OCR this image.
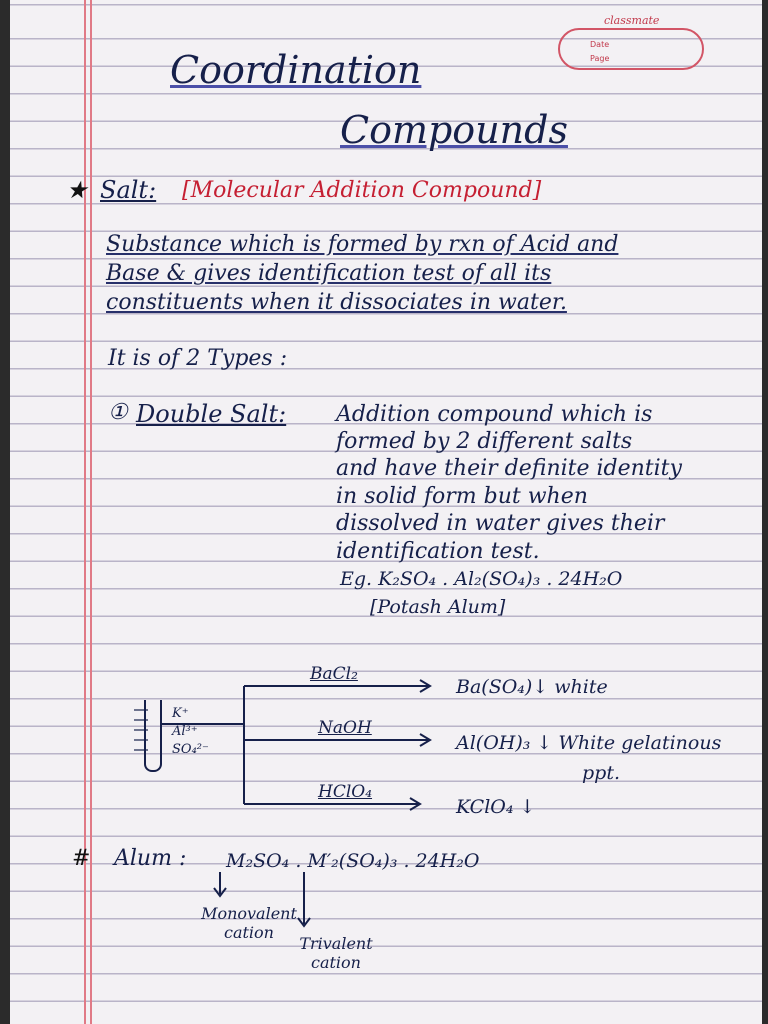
classmate
Date
Page
Coordination
Compounds
★ Salt: [Molecular Addition Compound]
Substance which is formed by rxn of Acid and
Base & gives identification test of all its
constituents when it dissociates in water.
It is of 2 Types :
① Double Salt: Addition compound which is
formed by 2 different salts
and have their definite identity
in solid form but when
dissolved in water gives their
identification test.
Eg. K₂SO₄ . Al₂(SO₄)₃ . 24H₂O
[Potash Alum]
K⁺
Al³⁺
SO₄²⁻
BaCl₂
NaOH
HClO₄
Ba(SO₄)↓ white
Al(OH)₃ ↓ White gelatinous
ppt.
KClO₄ ↓
# Alum : M₂SO₄ . M′₂(SO₄)₃ . 24H₂O
Monovalent cation
Trivalent cation
